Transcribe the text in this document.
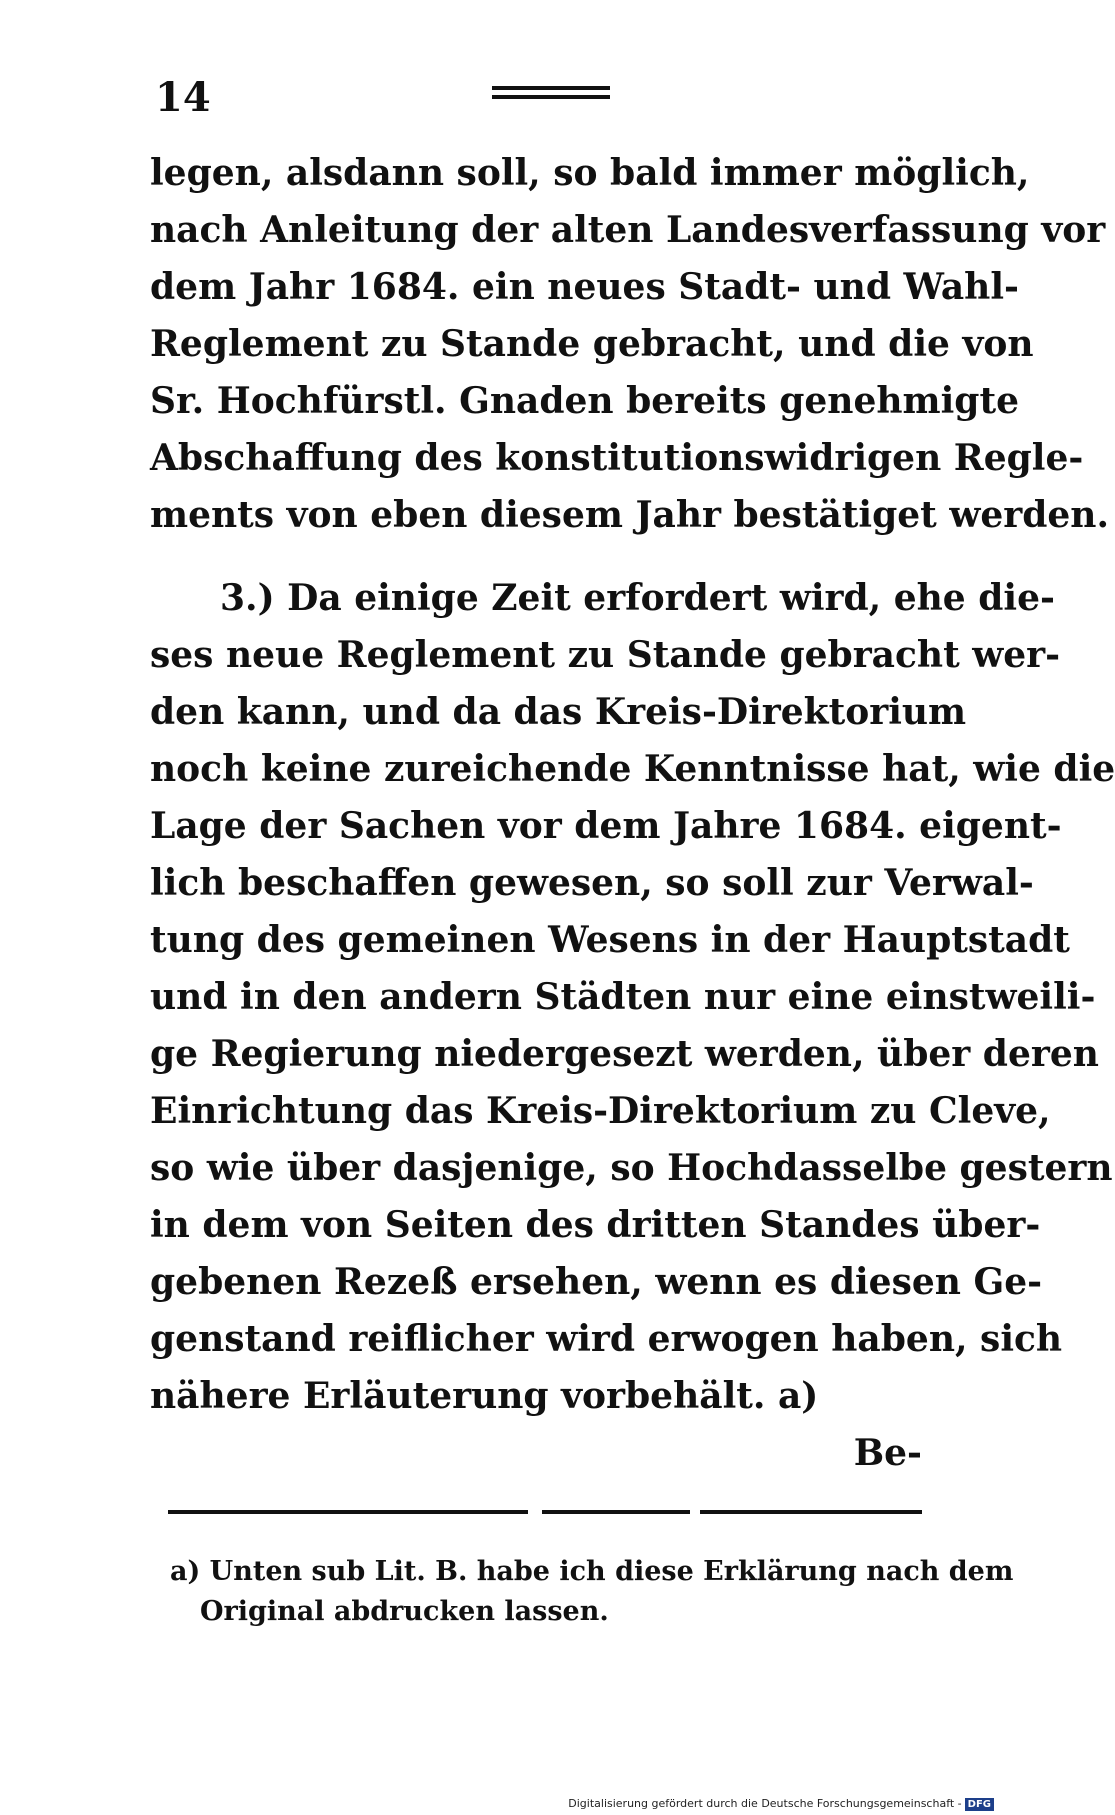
14

legen, alsdann soll, so bald immer möglich,

nach Anleitung der alten Landesverfassung vor

dem Jahr 1684. ein neues Stadt- und Wahl-

Reglement zu Stande gebracht, und die von

Sr. Hochfürstl. Gnaden bereits genehmigte

Abschaffung des konstitutionswidrigen Regle-

ments von eben diesem Jahr bestätiget werden.

3.) Da einige Zeit erfordert wird, ehe die-

ses neue Reglement zu Stande gebracht wer-

den kann, und da das Kreis-Direktorium

noch keine zureichende Kenntnisse hat, wie die

Lage der Sachen vor dem Jahre 1684. eigent-

lich beschaffen gewesen, so soll zur Verwal-

tung des gemeinen Wesens in der Hauptstadt

und in den andern Städten nur eine einstweili-

ge Regierung niedergesezt werden, über deren

Einrichtung das Kreis-Direktorium zu Cleve,

so wie über dasjenige, so Hochdasselbe gestern

in dem von Seiten des dritten Standes über-

gebenen Rezeß ersehen, wenn es diesen Ge-

genstand reiflicher wird erwogen haben, sich

nähere Erläuterung vorbehält. a)

Be-
a) Unten sub Lit. B. habe ich diese Erklärung nach dem
Original abdrucken lassen.
Digitalisierung gefördert durch die Deutsche Forschungsgemeinschaft - DFG
